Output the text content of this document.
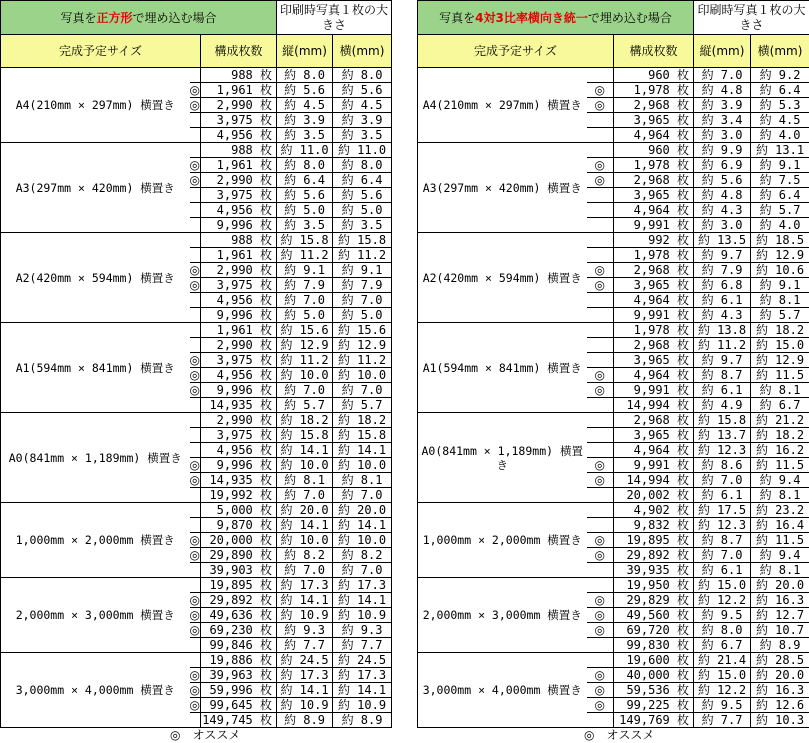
写真を正方形で埋め込む場合			印刷時写真１枚の大きさ	
完成予定サイズ		構成枚数	縦(mm)	横(mm)
A4(210mm × 297mm) 横置き		988 枚	約 8.0	約 8.0
	◎	1,961 枚	約 5.6	約 5.6
	◎	2,990 枚	約 4.5	約 4.5
		3,975 枚	約 3.9	約 3.9
		4,956 枚	約 3.5	約 3.5
A3(297mm × 420mm) 横置き		988 枚	約 11.0	約 11.0
	◎	1,961 枚	約 8.0	約 8.0
	◎	2,990 枚	約 6.4	約 6.4
		3,975 枚	約 5.6	約 5.6
		4,956 枚	約 5.0	約 5.0
		9,996 枚	約 3.5	約 3.5
A2(420mm × 594mm) 横置き		988 枚	約 15.8	約 15.8
		1,961 枚	約 11.2	約 11.2
	◎	2,990 枚	約 9.1	約 9.1
	◎	3,975 枚	約 7.9	約 7.9
		4,956 枚	約 7.0	約 7.0
		9,996 枚	約 5.0	約 5.0
A1(594mm × 841mm) 横置き		1,961 枚	約 15.6	約 15.6
		2,990 枚	約 12.9	約 12.9
	◎	3,975 枚	約 11.2	約 11.2
	◎	4,956 枚	約 10.0	約 10.0
	◎	9,996 枚	約 7.0	約 7.0
		14,935 枚	約 5.7	約 5.7
A0(841mm × 1,189mm) 横置き		2,990 枚	約 18.2	約 18.2
		3,975 枚	約 15.8	約 15.8
		4,956 枚	約 14.1	約 14.1
	◎	9,996 枚	約 10.0	約 10.0
	◎	14,935 枚	約 8.1	約 8.1
		19,992 枚	約 7.0	約 7.0
1,000mm × 2,000mm 横置き		5,000 枚	約 20.0	約 20.0
		9,870 枚	約 14.1	約 14.1
	◎	20,000 枚	約 10.0	約 10.0
	◎	29,890 枚	約 8.2	約 8.2
		39,903 枚	約 7.0	約 7.0
2,000mm × 3,000mm 横置き		19,895 枚	約 17.3	約 17.3
	◎	29,892 枚	約 14.1	約 14.1
	◎	49,636 枚	約 10.9	約 10.9
	◎	69,230 枚	約 9.3	約 9.3
		99,846 枚	約 7.7	約 7.7
3,000mm × 4,000mm 横置き		19,886 枚	約 24.5	約 24.5
	◎	39,963 枚	約 17.3	約 17.3
	◎	59,996 枚	約 14.1	約 14.1
	◎	99,645 枚	約 10.9	約 10.9
		149,745 枚	約 8.9	約 8.9
写真を4対3比率横向き統一で埋め込む場合			印刷時写真１枚の大きさ	
完成予定サイズ		構成枚数	縦(mm)	横(mm)
A4(210mm × 297mm) 横置き		960 枚	約 7.0	約 9.2
	◎	1,978 枚	約 4.8	約 6.4
	◎	2,968 枚	約 3.9	約 5.3
		3,965 枚	約 3.4	約 4.5
		4,964 枚	約 3.0	約 4.0
A3(297mm × 420mm) 横置き		960 枚	約 9.9	約 13.1
	◎	1,978 枚	約 6.9	約 9.1
	◎	2,968 枚	約 5.6	約 7.5
		3,965 枚	約 4.8	約 6.4
		4,964 枚	約 4.3	約 5.7
		9,991 枚	約 3.0	約 4.0
A2(420mm × 594mm) 横置き		992 枚	約 13.5	約 18.5
		1,978 枚	約 9.7	約 12.9
	◎	2,968 枚	約 7.9	約 10.6
	◎	3,965 枚	約 6.8	約 9.1
		4,964 枚	約 6.1	約 8.1
		9,991 枚	約 4.3	約 5.7
A1(594mm × 841mm) 横置き		1,978 枚	約 13.8	約 18.2
		2,968 枚	約 11.2	約 15.0
		3,965 枚	約 9.7	約 12.9
	◎	4,964 枚	約 8.7	約 11.5
	◎	9,991 枚	約 6.1	約 8.1
		14,994 枚	約 4.9	約 6.7
A0(841mm × 1,189mm) 横置き		2,968 枚	約 15.8	約 21.2
		3,965 枚	約 13.7	約 18.2
		4,964 枚	約 12.3	約 16.2
	◎	9,991 枚	約 8.6	約 11.5
	◎	14,994 枚	約 7.0	約 9.4
		20,002 枚	約 6.1	約 8.1
1,000mm × 2,000mm 横置き		4,902 枚	約 17.5	約 23.2
		9,832 枚	約 12.3	約 16.4
	◎	19,895 枚	約 8.7	約 11.5
	◎	29,892 枚	約 7.0	約 9.4
		39,935 枚	約 6.1	約 8.1
2,000mm × 3,000mm 横置き		19,950 枚	約 15.0	約 20.0
	◎	29,829 枚	約 12.2	約 16.3
	◎	49,560 枚	約 9.5	約 12.7
	◎	69,720 枚	約 8.0	約 10.7
		99,830 枚	約 6.7	約 8.9
3,000mm × 4,000mm 横置き		19,600 枚	約 21.4	約 28.5
	◎	40,000 枚	約 15.0	約 20.0
	◎	59,536 枚	約 12.2	約 16.3
	◎	99,225 枚	約 9.5	約 12.6
		149,769 枚	約 7.7	約 10.3
◎　オススメ	◎　オススメ
